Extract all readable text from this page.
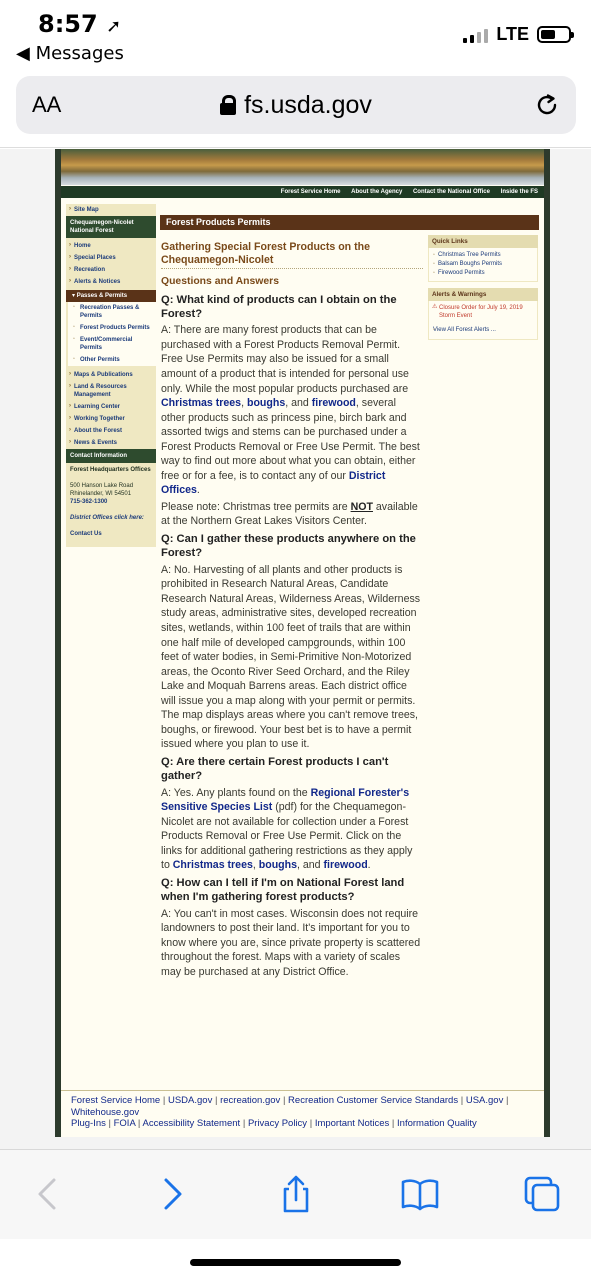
8:57 ➚
◀ Messages
LTE
AA	fs.usda.gov
Forest Service Home About the Agency Contact the National Office Inside the FS
› Site Map
Chequamegon-Nicolet National Forest
› Home
› Special Places
› Recreation
› Alerts & Notices
▾ Passes & Permits
▫ Recreation Passes & Permits
▫ Forest Products Permits
▫ Event/Commercial Permits
▫ Other Permits
› Maps & Publications
› Land & Resources Management
› Learning Center
› Working Together
› About the Forest
› News & Events
Contact Information
Forest Headquarters Offices

500 Hanson Lake Road
Rhinelander, WI 54501
715-362-1300

District Offices click here:

Contact Us
Forest Products Permits
Gathering Special Forest Products on the Chequamegon-Nicolet
Questions and Answers
Q: What kind of products can I obtain on the Forest?
A: There are many forest products that can be purchased with a Forest Products Removal Permit. Free Use Permits may also be issued for a small amount of a product that is intended for personal use only. While the most popular products purchased are Christmas trees, boughs, and firewood, several other products such as princess pine, birch bark and assorted twigs and stems can be purchased under a Forest Products Removal or Free Use Permit. The best way to find out more about what you can obtain, either free or for a fee, is to contact any of our District Offices.
Please note: Christmas tree permits are NOT available at the Northern Great Lakes Visitors Center.
Q: Can I gather these products anywhere on the Forest?
A: No. Harvesting of all plants and other products is prohibited in Research Natural Areas, Candidate Research Natural Areas, Wilderness Areas, Wilderness study areas, administrative sites, developed recreation sites, wetlands, within 100 feet of trails that are within one half mile of developed campgrounds, within 100 feet of water bodies, in Semi-Primitive Non-Motorized areas, the Oconto River Seed Orchard, and the Riley Lake and Moquah Barrens areas. Each district office will issue you a map along with your permit or permits. The map displays areas where you can't remove trees, boughs, or firewood. Your best bet is to have a permit issued where you plan to use it.
Q: Are there certain Forest products I can't gather?
A: Yes. Any plants found on the Regional Forester's Sensitive Species List (pdf) for the Chequamegon-Nicolet are not available for collection under a Forest Products Removal or Free Use Permit. Click on the links for additional gathering restrictions as they apply to Christmas trees, boughs, and firewood.
Q: How can I tell if I'm on National Forest land when I'm gathering forest products?
A: You can't in most cases. Wisconsin does not require landowners to post their land. It's important for you to know where you are, since private property is scattered throughout the forest. Maps with a variety of scales may be purchased at any District Office.
Quick Links
▫ Christmas Tree Permits
▫ Balsam Boughs Permits
▫ Firewood Permits
Alerts & Warnings
⚠ Closure Order for July 19, 2019 Storm Event
▫ View All Forest Alerts ...
Forest Service Home | USDA.gov | recreation.gov | Recreation Customer Service Standards | USA.gov | Whitehouse.gov
Plug-Ins | FOIA | Accessibility Statement | Privacy Policy | Important Notices | Information Quality
